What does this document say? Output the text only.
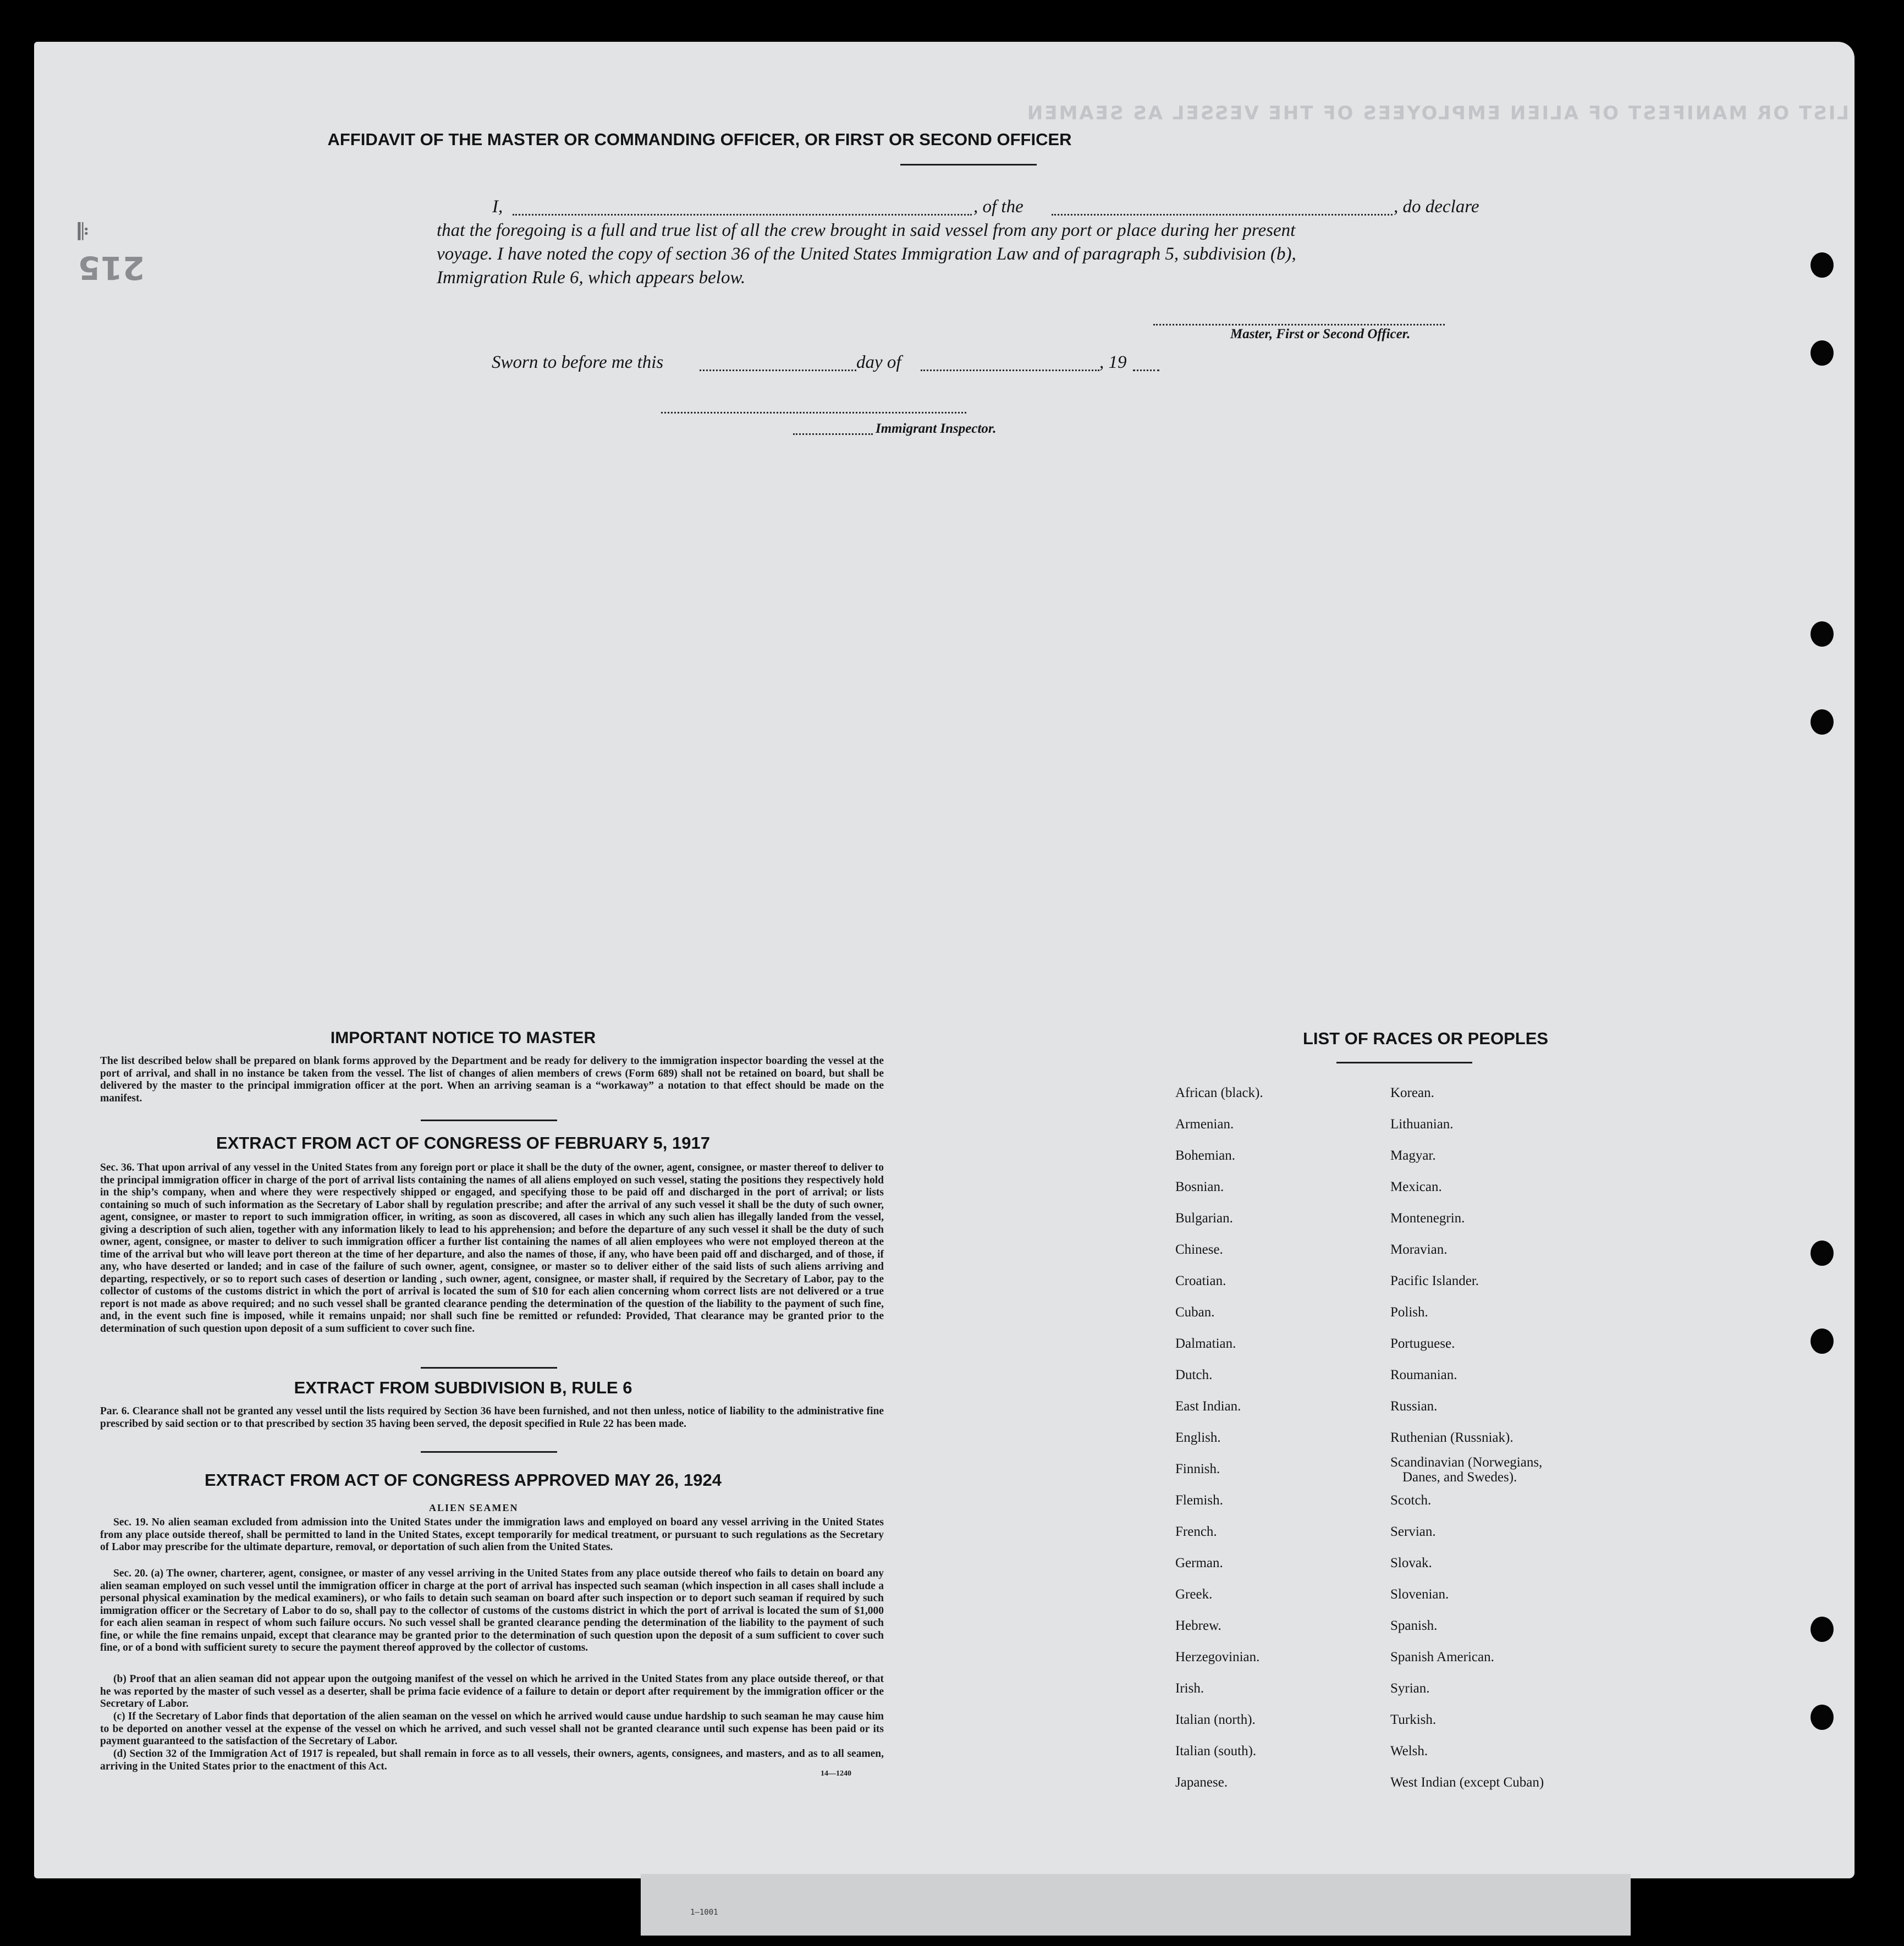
LIST OR MANIFEST OF ALIEN EMPLOYEES OF THE VESSEL AS SEAMEN
𝄆
215
AFFIDAVIT OF THE MASTER OR COMMANDING OFFICER, OR FIRST OR SECOND OFFICER
I,	, of the	, do declare
that the foregoing is a full and true list of all the crew brought in said vessel from any port or place during her present
voyage. I have noted the copy of section 36 of the United States Immigration Law and of paragraph 5, subdivision (b),
Immigration Rule 6, which appears below.
Master, First or Second Officer.
Sworn to before me this	day of	, 19
Immigrant Inspector.
IMPORTANT NOTICE TO MASTER

The list described below shall be prepared on blank forms approved by the Department and be ready for delivery to the immigration inspector boarding the vessel at the port of arrival, and shall in no instance be taken from the vessel. The list of changes of alien members of crews (Form 689) shall not be retained on board, but shall be delivered by the master to the principal immigration officer at the port. When an arriving seaman is a “workaway” a notation to that effect should be made on the manifest.

EXTRACT FROM ACT OF CONGRESS OF FEBRUARY 5, 1917

Sec. 36. That upon arrival of any vessel in the United States from any foreign port or place it shall be the duty of the owner, agent, consignee, or master thereof to deliver to the principal immigration officer in charge of the port of arrival lists containing the names of all aliens employed on such vessel, stating the positions they respectively hold in the ship’s company, when and where they were respectively shipped or engaged, and specifying those to be paid off and discharged in the port of arrival; or lists containing so much of such information as the Secretary of Labor shall by regulation prescribe; and after the arrival of any such vessel it shall be the duty of such owner, agent, consignee, or master to report to such immigration officer, in writing, as soon as discovered, all cases in which any such alien has illegally landed from the vessel, giving a description of such alien, together with any information likely to lead to his apprehension; and before the departure of any such vessel it shall be the duty of such owner, agent, consignee, or master to deliver to such immigration officer a further list containing the names of all alien employees who were not employed thereon at the time of the arrival but who will leave port thereon at the time of her departure, and also the names of those, if any, who have been paid off and discharged, and of those, if any, who have deserted or landed; and in case of the failure of such owner, agent, consignee, or master so to deliver either of the said lists of such aliens arriving and departing, respectively, or so to report such cases of desertion or landing , such owner, agent, consignee, or master shall, if required by the Secretary of Labor, pay to the collector of customs of the customs district in which the port of arrival is located the sum of $10 for each alien concerning whom correct lists are not delivered or a true report is not made as above required; and no such vessel shall be granted clearance pending the determination of the question of the liability to the payment of such fine, and, in the event such fine is imposed, while it remains unpaid; nor shall such fine be remitted or refunded: Provided, That clearance may be granted prior to the determination of such question upon deposit of a sum sufficient to cover such fine.

EXTRACT FROM SUBDIVISION B, RULE 6

Par. 6. Clearance shall not be granted any vessel until the lists required by Section 36 have been furnished, and not then unless, notice of liability to the administrative fine prescribed by said section or to that prescribed by section 35 having been served, the deposit specified in Rule 22 has been made.

EXTRACT FROM ACT OF CONGRESS APPROVED MAY 26, 1924
ALIEN SEAMEN

Sec. 19. No alien seaman excluded from admission into the United States under the immigration laws and employed on board any vessel arriving in the United States from any place outside thereof, shall be permitted to land in the United States, except temporarily for medical treatment, or pursuant to such regulations as the Secretary of Labor may prescribe for the ultimate departure, removal, or deportation of such alien from the United States.

Sec. 20. (a) The owner, charterer, agent, consignee, or master of any vessel arriving in the United States from any place outside thereof who fails to detain on board any alien seaman employed on such vessel until the immigration officer in charge at the port of arrival has inspected such seaman (which inspection in all cases shall include a personal physical examination by the medical examiners), or who fails to detain such seaman on board after such inspection or to deport such seaman if required by such immigration officer or the Secretary of Labor to do so, shall pay to the collector of customs of the customs district in which the port of arrival is located the sum of $1,000 for each alien seaman in respect of whom such failure occurs. No such vessel shall be granted clearance pending the determination of the liability to the payment of such fine, or while the fine remains unpaid, except that clearance may be granted prior to the determination of such question upon the deposit of a sum sufficient to cover such fine, or of a bond with sufficient surety to secure the payment thereof approved by the collector of customs.

(b) Proof that an alien seaman did not appear upon the outgoing manifest of the vessel on which he arrived in the United States from any place outside thereof, or that he was reported by the master of such vessel as a deserter, shall be prima facie evidence of a failure to detain or deport after requirement by the immigration officer or the Secretary of Labor.

(c) If the Secretary of Labor finds that deportation of the alien seaman on the vessel on which he arrived would cause undue hardship to such seaman he may cause him to be deported on another vessel at the expense of the vessel on which he arrived, and such vessel shall not be granted clearance until such expense has been paid or its payment guaranteed to the satisfaction of the Secretary of Labor.

(d) Section 32 of the Immigration Act of 1917 is repealed, but shall remain in force as to all vessels, their owners, agents, consignees, and masters, and as to all seamen, arriving in the United States prior to the enactment of this Act.

14—1240
LIST OF RACES OR PEOPLES
African (black).
Armenian.
Bohemian.
Bosnian.
Bulgarian.
Chinese.
Croatian.
Cuban.
Dalmatian.
Dutch.
East Indian.
English.
Finnish.
Flemish.
French.
German.
Greek.
Hebrew.
Herzegovinian.
Irish.
Italian (north).
Italian (south).
Japanese.
Korean.
Lithuanian.
Magyar.
Mexican.
Montenegrin.
Moravian.
Pacific Islander.
Polish.
Portuguese.
Roumanian.
Russian.
Ruthenian (Russniak).
Scandinavian (Norwegians,
Danes, and Swedes).
Scotch.
Servian.
Slovak.
Slovenian.
Spanish.
Spanish American.
Syrian.
Turkish.
Welsh.
West Indian (except Cuban)
1—1001
